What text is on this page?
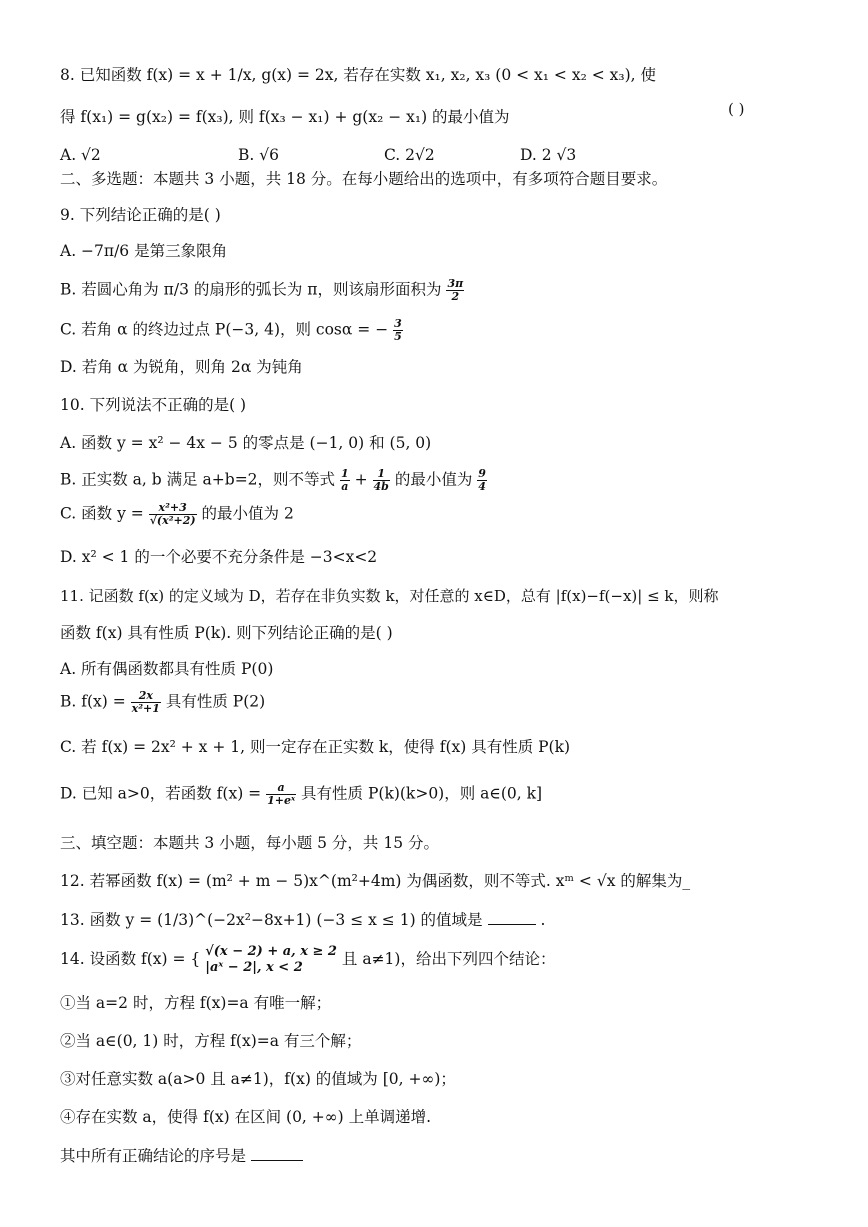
8. 已知函数 f(x) = x + 1/x, g(x) = 2x, 若存在实数 x₁, x₂, x₃ (0 < x₁ < x₂ < x₃), 使
得 f(x₁) = g(x₂) = f(x₃), 则 f(x₃ − x₁) + g(x₂ − x₁) 的最小值为	( )
A. √2	B. √6	C. 2√2	D. 2 √3
二、多选题：本题共 3 小题，共 18 分。在每小题给出的选项中，有多项符合题目要求。
9. 下列结论正确的是( )
A. −7π/6 是第三象限角
B. 若圆心角为 π/3 的扇形的弧长为 π，则该扇形面积为 $\frac{3\pi}{2}$
C. 若角 α 的终边过点 P(−3, 4)，则 cosα = − $\frac{3}{5}$
D. 若角 α 为锐角，则角 2α 为钝角
10. 下列说法不正确的是( )
A. 函数 y = x² − 4x − 5 的零点是 (−1, 0) 和 (5, 0)
B. 正实数 a, b 满足 a+b=2，则不等式 $\frac{1}{a} + \frac{1}{4b}$ 的最小值为 $\frac{9}{4}$
C. 函数 $y = \frac{\text{x²+3}}{\text{√(x²+2)}}$ 的最小值为 2
D. x² < 1 的一个必要不充分条件是 −3<x<2
11. 记函数 f(x) 的定义域为 D，若存在非负实数 k，对任意的 x∈D，总有 |f(x)−f(−x)| ≤ k，则称
函数 f(x) 具有性质 P(k). 则下列结论正确的是( )
A. 所有偶函数都具有性质 P(0)
B. $f(x) = \frac{2x}{\text{x²+1}}$ 具有性质 P(2)
C. 若 f(x) = 2x² + x + 1, 则一定存在正实数 k，使得 f(x) 具有性质 P(k)
D. 已知 a>0，若函数 $f(x) = \frac{a}{\text{1+eˣ}}$ 具有性质 P(k)(k>0)，则 a∈(0, k]
三、填空题：本题共 3 小题，每小题 5 分，共 15 分。
12. 若幂函数 f(x) = (m² + m − 5)x^(m²+4m) 为偶函数，则不等式. xᵐ < √x 的解集为_
13. 函数 y = (1/3)^(−2x²−8x+1) (−3 ≤ x ≤ 1) 的值域是	.
14. 设函数 f(x) = { √(x − 2) + a, x ≥ 2
|aˣ − 2|, x < 2	且 a≠1)，给出下列四个结论：
①当 a=2 时，方程 f(x)=a 有唯一解；
②当 a∈(0, 1) 时，方程 f(x)=a 有三个解；
③对任意实数 a(a>0 且 a≠1)，f(x) 的值域为 [0, +∞)；
④存在实数 a，使得 f(x) 在区间 (0, +∞) 上单调递增.
其中所有正确结论的序号是
